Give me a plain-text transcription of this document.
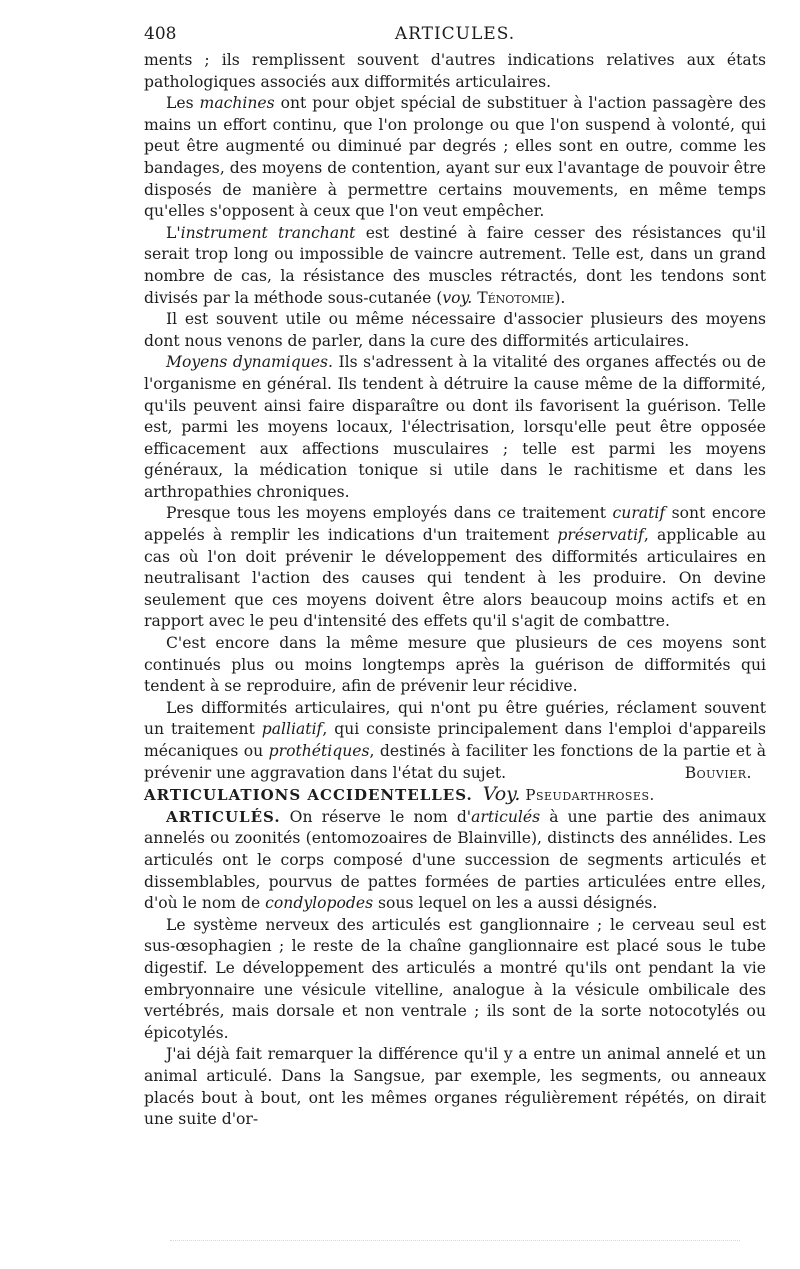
408	ARTICULES.

ments ; ils remplissent souvent d'autres indications relatives aux états pathologiques associés aux difformités articulaires.

Les machines ont pour objet spécial de substituer à l'action passagère des mains un effort continu, que l'on prolonge ou que l'on suspend à volonté, qui peut être augmenté ou diminué par degrés ; elles sont en outre, comme les bandages, des moyens de contention, ayant sur eux l'avantage de pouvoir être disposés de manière à permettre certains mouvements, en même temps qu'elles s'opposent à ceux que l'on veut empêcher.

L'instrument tranchant est destiné à faire cesser des résistances qu'il serait trop long ou impossible de vaincre autrement. Telle est, dans un grand nombre de cas, la résistance des muscles rétractés, dont les tendons sont divisés par la méthode sous-cutanée (voy. Ténotomie).

Il est souvent utile ou même nécessaire d'associer plusieurs des moyens dont nous venons de parler, dans la cure des difformités articulaires.

Moyens dynamiques. Ils s'adressent à la vitalité des organes affectés ou de l'organisme en général. Ils tendent à détruire la cause même de la difformité, qu'ils peuvent ainsi faire disparaître ou dont ils favorisent la guérison. Telle est, parmi les moyens locaux, l'électrisation, lorsqu'elle peut être opposée efficacement aux affections musculaires ; telle est parmi les moyens généraux, la médication tonique si utile dans le rachitisme et dans les arthropathies chroniques.

Presque tous les moyens employés dans ce traitement curatif sont encore appelés à remplir les indications d'un traitement préservatif, applicable au cas où l'on doit prévenir le développement des difformités articulaires en neutralisant l'action des causes qui tendent à les produire. On devine seulement que ces moyens doivent être alors beaucoup moins actifs et en rapport avec le peu d'intensité des effets qu'il s'agit de combattre.

C'est encore dans la même mesure que plusieurs de ces moyens sont continués plus ou moins longtemps après la guérison de difformités qui tendent à se reproduire, afin de prévenir leur récidive.

Les difformités articulaires, qui n'ont pu être guéries, réclament souvent un traitement palliatif, qui consiste principalement dans l'emploi d'appareils mécaniques ou prothétiques, destinés à faciliter les fonctions de la partie et à prévenir une aggravation dans l'état du sujet.	Bouvier.

ARTICULATIONS ACCIDENTELLES. Voy. Pseudarthroses.

ARTICULÉS. On réserve le nom d'articulés à une partie des animaux annelés ou zoonités (entomozoaires de Blainville), distincts des annélides. Les articulés ont le corps composé d'une succession de segments articulés et dissemblables, pourvus de pattes formées de parties articulées entre elles, d'où le nom de condylopodes sous lequel on les a aussi désignés.

Le système nerveux des articulés est ganglionnaire ; le cerveau seul est sus-œsophagien ; le reste de la chaîne ganglionnaire est placé sous le tube digestif. Le développement des articulés a montré qu'ils ont pendant la vie embryonnaire une vésicule vitelline, analogue à la vésicule ombilicale des vertébrés, mais dorsale et non ventrale ; ils sont de la sorte notocotylés ou épicotylés.

J'ai déjà fait remarquer la différence qu'il y a entre un animal annelé et un animal articulé. Dans la Sangsue, par exemple, les segments, ou anneaux placés bout à bout, ont les mêmes organes régulièrement répétés, on dirait une suite d'or-
